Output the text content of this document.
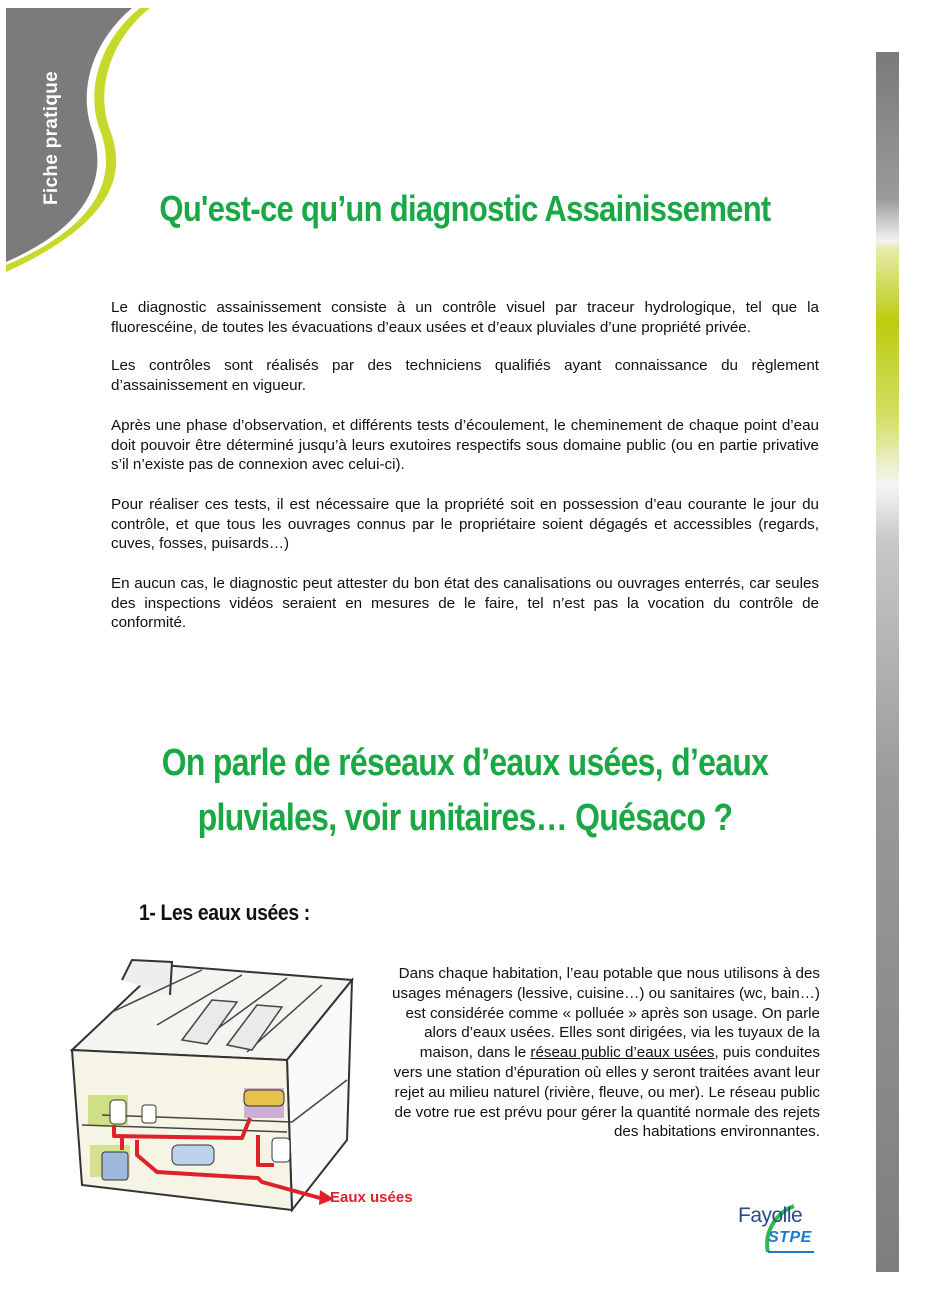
Fiche pratique
Qu'est-ce qu’un diagnostic Assainissement

Le diagnostic assainissement consiste à un contrôle visuel par traceur hydrologique, tel que la fluorescéine, de toutes les évacuations d’eaux usées et d’eaux pluviales d’une propriété privée.

Les contrôles sont réalisés par des techniciens qualifiés ayant connaissance du règlement d’assainissement en vigueur.

Après une phase d’observation, et différents tests d’écoulement, le cheminement de chaque point d’eau doit pouvoir être déterminé jusqu’à leurs exutoires respectifs sous domaine public (ou en partie privative s’il n’existe pas de connexion avec celui-ci).

Pour réaliser ces tests, il est nécessaire que la propriété soit en possession d’eau courante le jour du contrôle, et que tous les ouvrages connus par le propriétaire soient dégagés et accessibles (regards, cuves, fosses, puisards…)

En aucun cas, le diagnostic peut attester du bon état des canalisations ou ouvrages enterrés, car seules des inspections vidéos seraient en mesures de le faire, tel n’est pas la vocation du contrôle de conformité.

On parle de réseaux d’eaux usées, d’eaux
pluviales, voir unitaires… Quésaco ?
1- Les eaux usées :
Eaux usées

Dans chaque habitation, l’eau potable que nous utilisons à des
usages ménagers (lessive, cuisine…) ou sanitaires (wc, bain…)
est considérée comme « polluée » après son usage. On parle
alors d’eaux usées. Elles sont dirigées, via les tuyaux de la
maison, dans le réseau public d’eaux usées, puis conduites
vers une station d’épuration où elles y seront traitées avant leur
rejet au milieu naturel (rivière, fleuve, ou mer). Le réseau public
de votre rue est prévu pour gérer la quantité normale des rejets
des habitations environnantes.

Fayolle
STPE
